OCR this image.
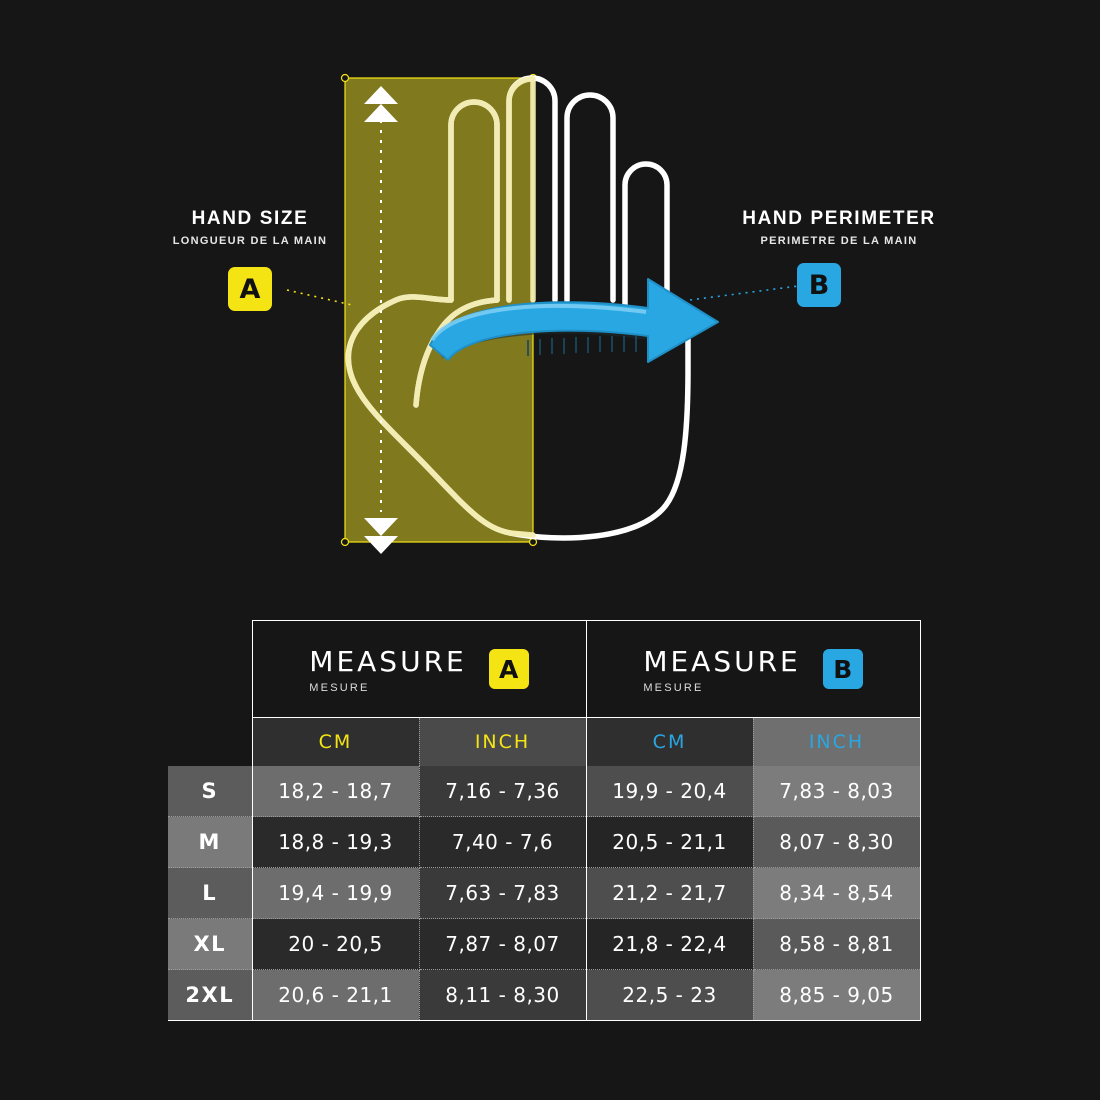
HAND SIZE
LONGUEUR DE LA MAIN
A
HAND PERIMETER
PERIMETRE DE LA MAIN
B

MEASURE
MESURE
A	MEASURE
MESURE
B

	CM	INCH	CM	INCH
S	18,2 - 18,7	7,16 - 7,36	19,9 - 20,4	7,83 - 8,03
M	18,8 - 19,3	7,40 - 7,6	20,5 - 21,1	8,07 - 8,30
L	19,4 - 19,9	7,63 - 7,83	21,2 - 21,7	8,34 - 8,54
XL	20 - 20,5	7,87 - 8,07	21,8 - 22,4	8,58 - 8,81
2XL	20,6 - 21,1	8,11 - 8,30	22,5 - 23	8,85 - 9,05
